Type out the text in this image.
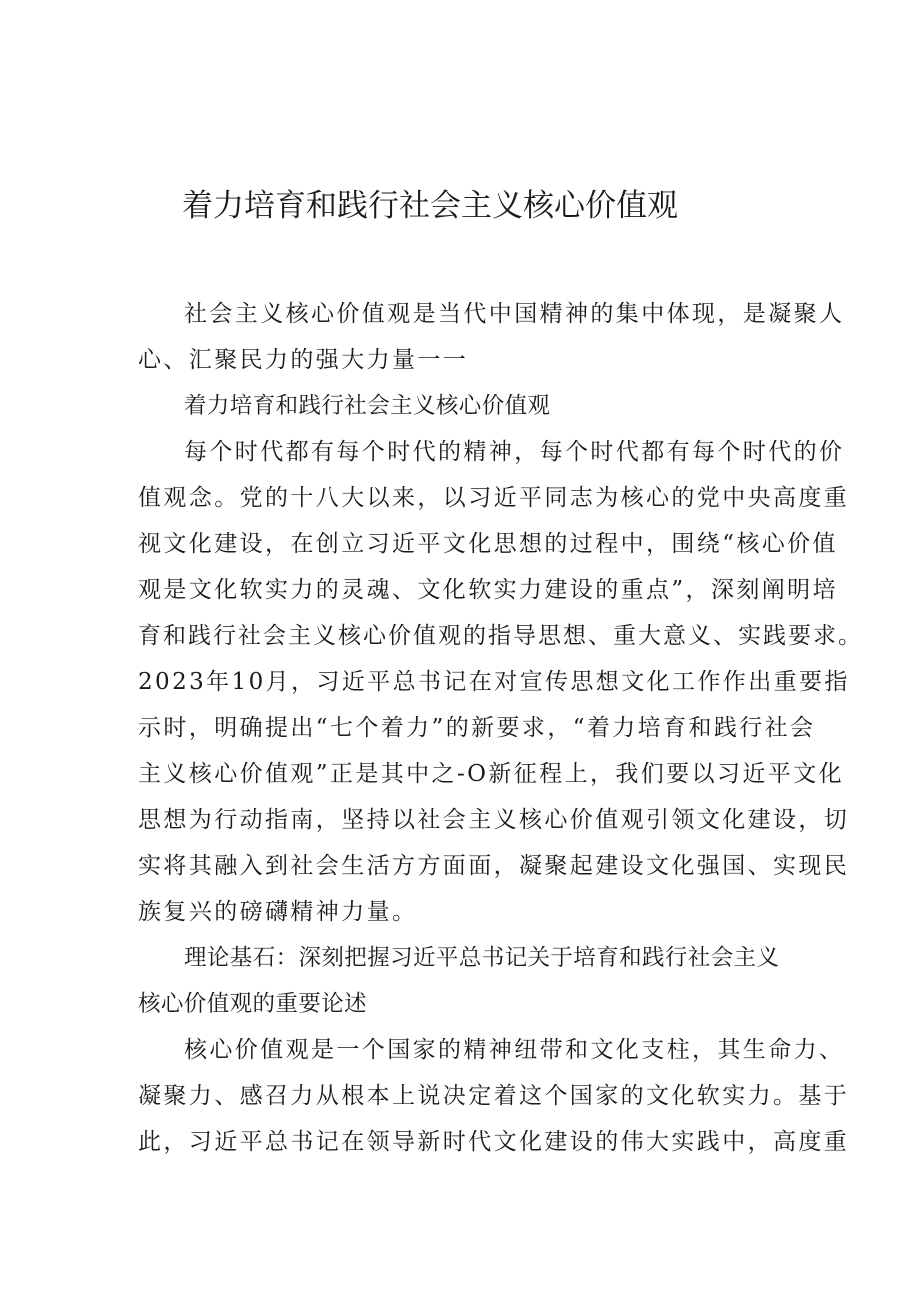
着力培育和践行社会主义核心价值观

社会主义核心价值观是当代中国精神的集中体现，是凝聚人

心、汇聚民力的强大力量一一

着力培育和践行社会主义核心价值观

每个时代都有每个时代的精神，每个时代都有每个时代的价

值观念。党的十八大以来，以习近平同志为核心的党中央高度重

视文化建设，在创立习近平文化思想的过程中，围绕“核心价值

观是文化软实力的灵魂、文化软实力建设的重点”，深刻阐明培

育和践行社会主义核心价值观的指导思想、重大意义、实践要求。

2023年10月，习近平总书记在对宣传思想文化工作作出重要指

示时，明确提出“七个着力”的新要求，“着力培育和践行社会

主义核心价值观”正是其中之-O新征程上，我们要以习近平文化

思想为行动指南，坚持以社会主义核心价值观引领文化建设，切

实将其融入到社会生活方方面面，凝聚起建设文化强国、实现民

族复兴的磅礴精神力量。

理论基石：深刻把握习近平总书记关于培育和践行社会主义

核心价值观的重要论述

核心价值观是一个国家的精神纽带和文化支柱，其生命力、

凝聚力、感召力从根本上说决定着这个国家的文化软实力。基于

此，习近平总书记在领导新时代文化建设的伟大实践中，高度重
